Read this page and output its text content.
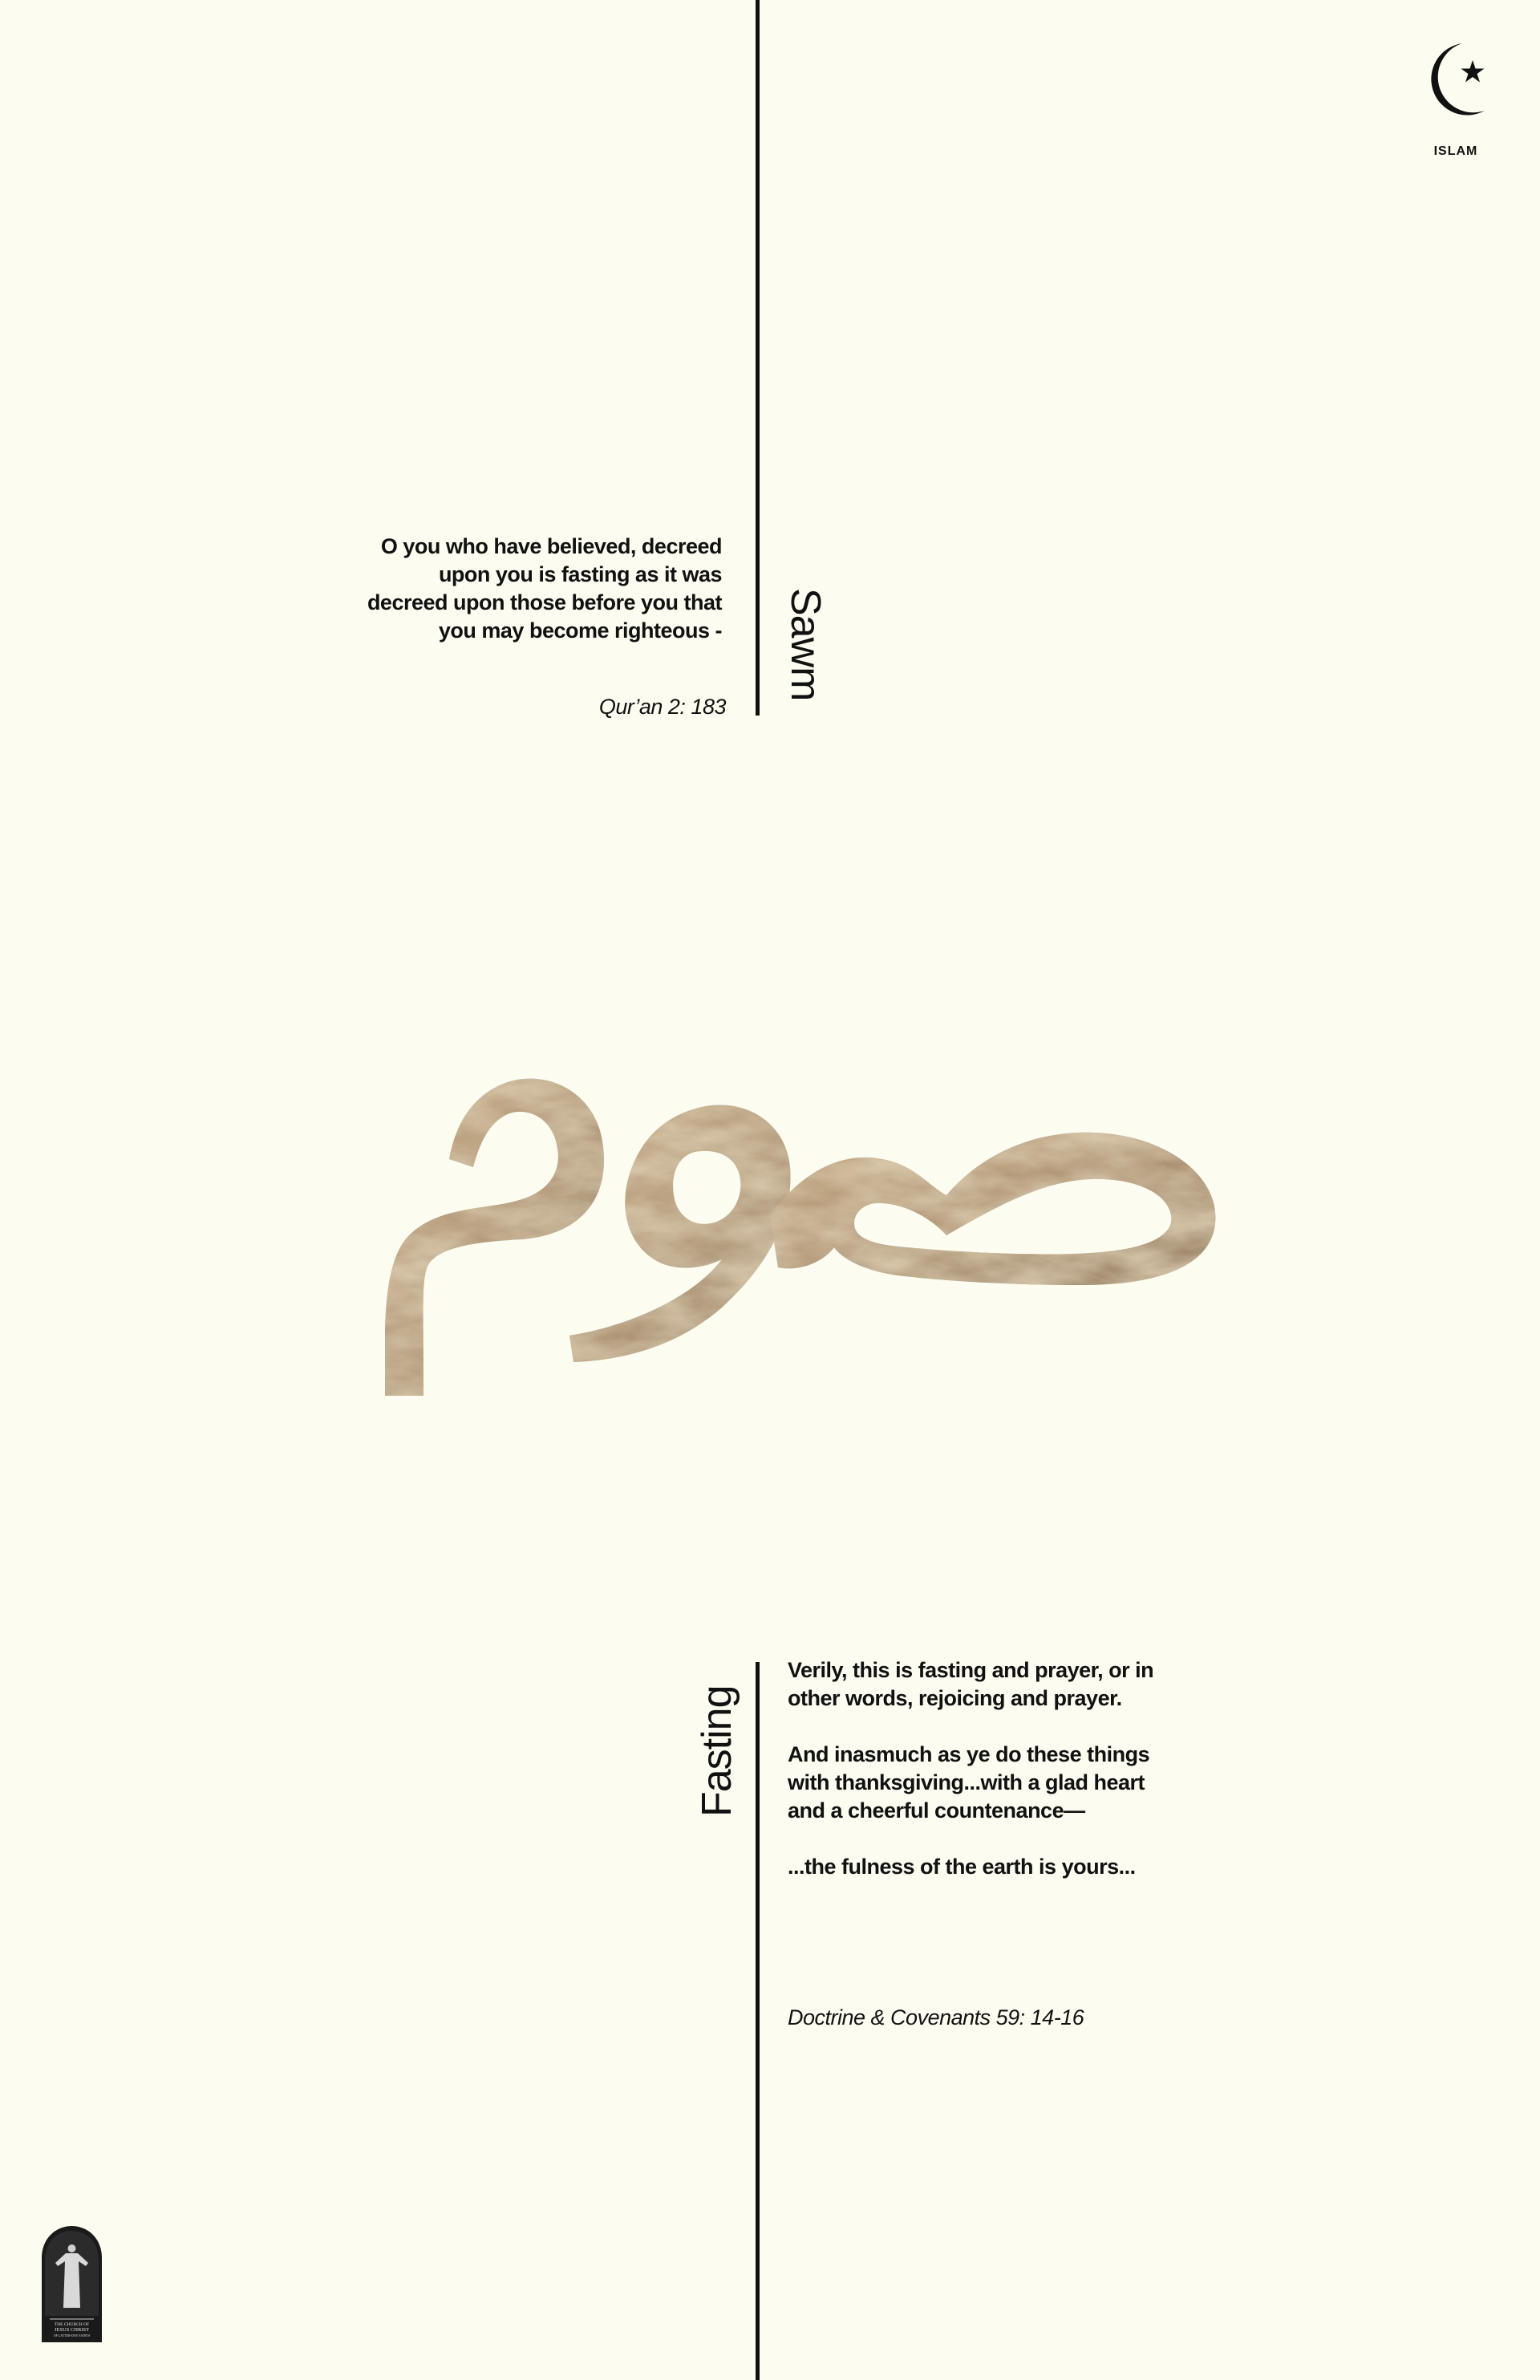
ISLAM
O you who have believed, decreed
upon you is fasting as it was
decreed upon those before you that
you may become righteous -
Qur’an 2: 183
Sawm
Fasting

Verily, this is fasting and prayer, or in other words, rejoicing and prayer.

And inasmuch as ye do these things with thanksgiving...with a glad heart and a cheerful countenance—

...the fulness of the earth is yours...

Doctrine & Covenants 59: 14-16
THE CHURCH OF
JESUS CHRIST
OF LATTER-DAY SAINTS
